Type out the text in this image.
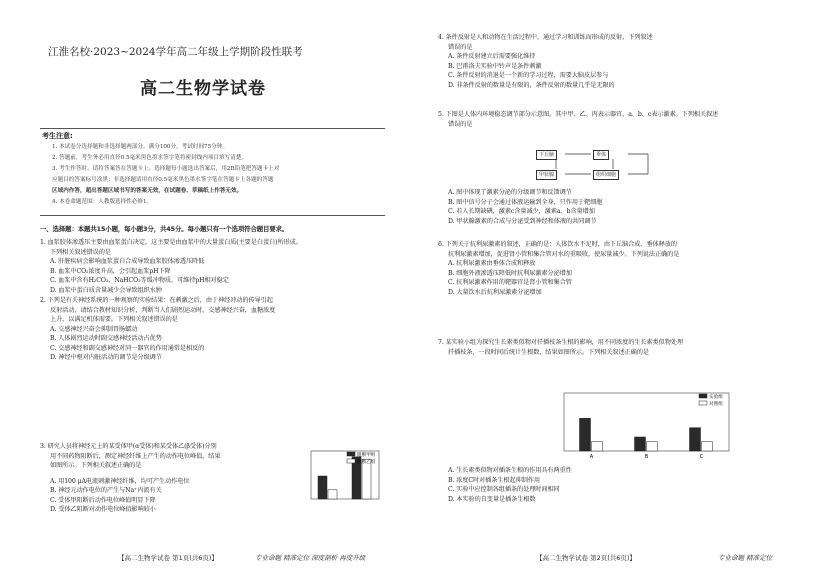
江淮名校·2023~2024学年高二年级上学期阶段性联考
高二生物学试卷
考生注意:
1. 本试卷分选择题和非选择题两部分。满分100分，考试时间75分钟。
2. 答题前，考生务必用直径0.5毫米黑色墨水签字笔将密封线内项目填写清楚。
3. 考生作答时，请将答案答在答题卡上。选择题每小题选出答案后，用2B铅笔把答题卡上对
应题目的答案标号涂黑；非选择题请用直径0.5毫米黑色墨水签字笔在答题卡上各题的答题
区域内作答，超出答题区域书写的答案无效，在试题卷、草稿纸上作答无效。
4. 本卷命题范围：人教版选择性必修1。
一、选择题：本题共15小题，每小题3分，共45分。每小题只有一个选项符合题目要求。
1. 血浆胶体渗透压主要由血浆蛋白决定，这主要是由血浆中的大量蛋白质(主要是白蛋白)所形成。
下列相关叙述错误的是
A. 肝脏疾病会影响血浆蛋白合成导致血浆胶体渗透压降低
B. 血浆中CO₂浓度升高，会引起血浆pH下降
C. 血浆中含有H₂CO₃、NaHCO₃等缓冲物质，可维持pH相对稳定
D. 血浆中蛋白质含量减少会导致组织水肿
2. 下列是有关神经系统的一种观察的实验结果：在刺激之后，由于神经冲动的传导引起
反射活动，请结合教材知识分析，判断当人们剧烈运动时，交感神经兴奋，血糖浓度
上升，以满足机体需要。下列相关叙述错误的是
A. 交感神经兴奋会抑制胃肠蠕动
B. 人体剧烈运动时副交感神经活动占优势
C. 交感神经和副交感神经对同一器官的作用通常是相反的
D. 神经中枢对内脏活动的调节是分级调节
3. 研究人员将神经元上的某受体甲(α受体)和某受体乙(β受体)分别
用不同药物阻断后，测定神经纤维上产生的动作电位峰值，结果
如图所示。下列相关叙述正确的是
A. 用100 μA电流刺激神经纤维，均可产生动作电位
B. 神经元动作电位的产生与Na⁺内流有关
C. 受体甲阻断后动作电位峰值明显下降
D. 受体乙阻断对动作电位峰值影响较小
阻断甲组
阻断乙组
【高二生物学试卷 第1页(共6页)】	专业命题 精准定位 深度剖析 再度升级
4. 条件反射是人和动物在生活过程中，通过学习和训练而形成的反射，下列叙述
错误的是
A. 条件反射建立后需要强化维持
B. 巴甫洛夫实验中铃声是条件刺激
C. 条件反射的消退是一个新的学习过程，需要大脑皮层参与
D. 非条件反射的数量是有限的，条件反射的数量几乎是无限的
5. 下图是人体内环境稳态调节部分示意图，其中甲、乙、丙表示器官，a、b、c表示激素。下列相关叙述
错误的是
下丘脑	垂体
甲状腺	组织细胞
A. 图中体现了激素分泌的分级调节和反馈调节
B. 图中信号分子会通过体液运输到全身，只作用于靶细胞
C. 若人长期缺碘，激素c含量减少，激素a、b含量增加
D. 甲状腺激素的合成与分泌受到神经和体液的共同调节
6. 下列关于抗利尿激素的叙述，正确的是：人体饮水不足时，由下丘脑合成、垂体释放的
抗利尿激素增加，促进肾小管和集合管对水的重吸收，使尿量减少。下列说法正确的是
A. 抗利尿激素由垂体合成和释放
B. 细胞外液渗透压降低时抗利尿激素分泌增加
C. 抗利尿激素作用的靶器官是肾小管和集合管
D. 大量饮水后抗利尿激素分泌增加
7. 某实验小组为探究生长素类似物对扦插枝条生根的影响，用不同浓度的生长素类似物处理
扦插枝条，一段时间后统计生根数，结果如图所示。下列相关叙述正确的是
A	B	C
实验组
对照组
A. 生长素类似物对插条生根的作用具有两重性
B. 浓度C时对插条生根起抑制作用
C. 实验中应控制各组插条的处理时间相同
D. 本实验的自变量是插条生根数
【高二生物学试卷 第2页(共6页)】	专业命题 精准定位
